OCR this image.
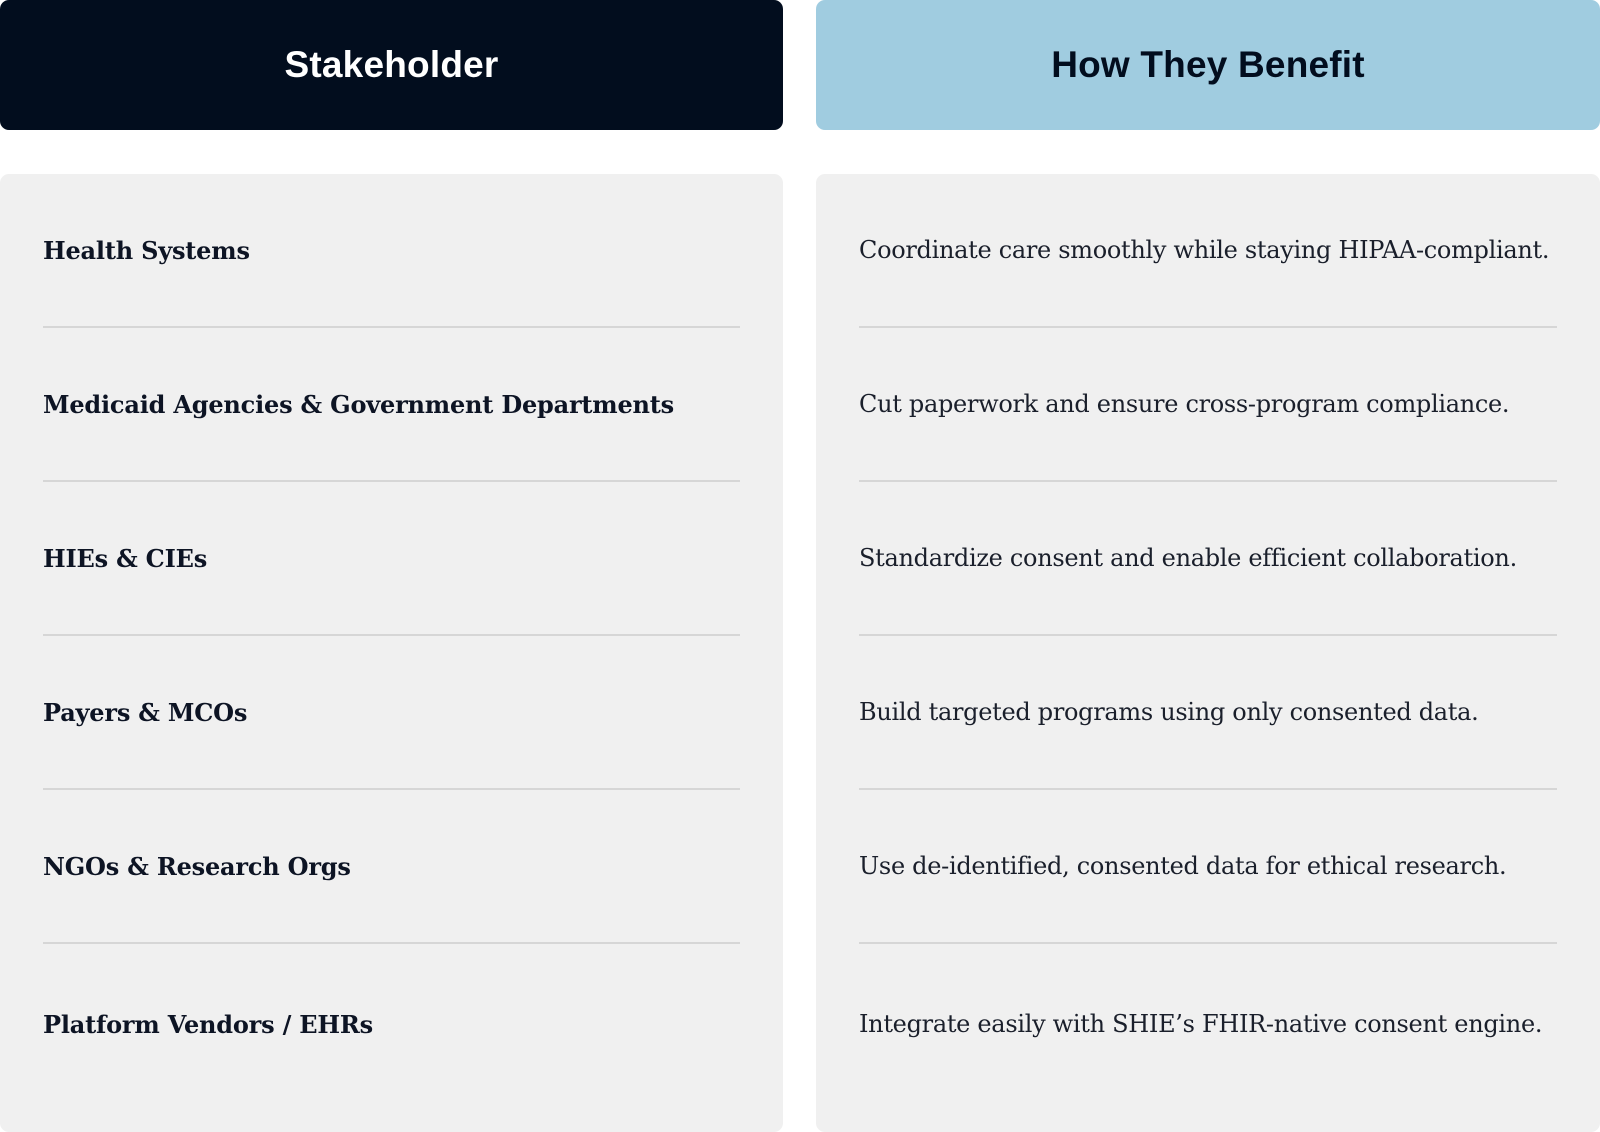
Stakeholder	How They Benefit
Health Systems
Medicaid Agencies & Government Departments
HIEs & CIEs
Payers & MCOs
NGOs & Research Orgs
Platform Vendors / EHRs
Coordinate care smoothly while staying HIPAA-compliant.
Cut paperwork and ensure cross-program compliance.
Standardize consent and enable efficient collaboration.
Build targeted programs using only consented data.
Use de-identified, consented data for ethical research.
Integrate easily with SHIE’s FHIR-native consent engine.
